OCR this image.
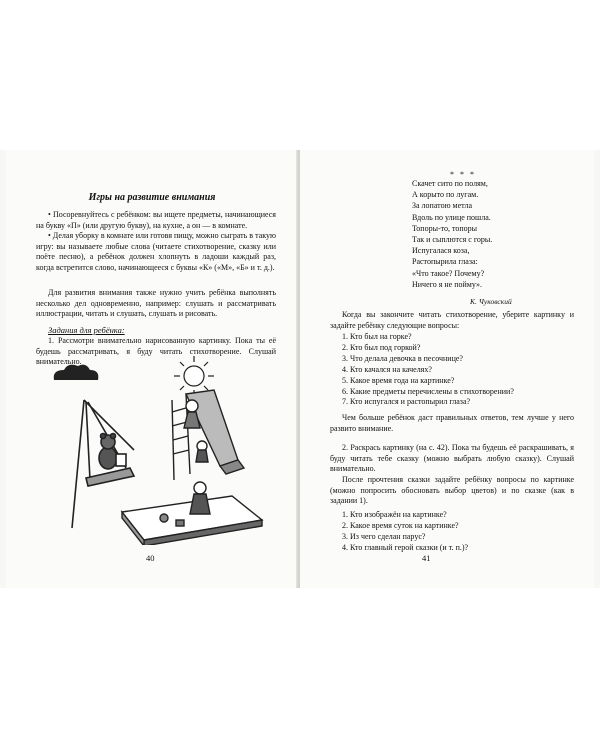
Игры на развитие внимания

• Посоревнуйтесь с ребёнком: вы ищете предметы, начинающиеся на букву «П» (или другую букву), на кухне, а он — в комнате.

• Делая уборку в комнате или готовя пищу, можно сыграть в такую игру: вы называете любые слова (читаете стихотворение, сказку или поёте песню), а ребёнок должен хлопнуть в ладоши каждый раз, когда встретится слово, начинающееся с буквы «К» («М», «Б» и т. д.).

Для развития внимания также нужно учить ребёнка выполнять несколько дел одновременно, например: слушать и рассматривать иллюстрации, читать и слушать, слушать и рисовать.

Задания для ребёнка:

1. Рассмотри внимательно нарисованную картинку. Пока ты её будешь рассматривать, я буду читать стихотворение. Слушай внимательно.

40
* * *
Скачет сито по полям,
А корыто по лугам.
За лопатою метла
Вдоль по улице пошла.
Топоры-то, топоры
Так и сыплются с горы.
Испугалася коза,
Растопырила глаза:
«Что такое? Почему?
Ничего я не пойму».
К. Чуковский

Когда вы закончите читать стихотворение, уберите картинку и задайте ребёнку следующие вопросы:

1. Кто был на горке?
2. Кто был под горкой?
3. Что делала девочка в песочнице?
4. Кто качался на качелях?
5. Какое время года на картинке?
6. Какие предметы перечислены в стихотворении?
7. Кто испугался и растопырил глаза?

Чем больше ребёнок даст правильных ответов, тем лучше у него развито внимание.

2. Раскрась картинку (на с. 42). Пока ты будешь её раскрашивать, я буду читать тебе сказку (можно выбрать любую сказку). Слушай внимательно.

После прочтения сказки задайте ребёнку вопросы по картинке (можно попросить обосновать выбор цветов) и по сказке (как в задании 1).

1. Кто изображён на картинке?
2. Какое время суток на картинке?
3. Из чего сделан парус?
4. Кто главный герой сказки (и т. п.)?
41
